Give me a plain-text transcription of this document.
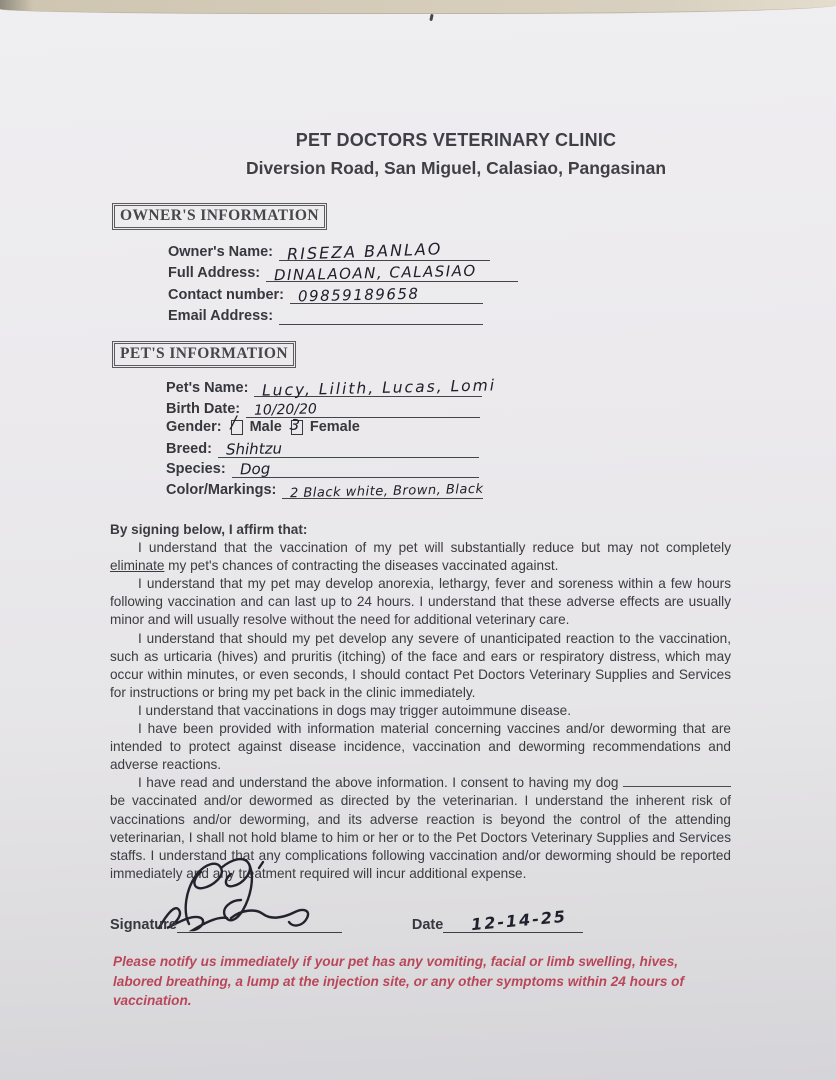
PET DOCTORS VETERINARY CLINIC
Diversion Road, San Miguel, Calasiao, Pangasinan
OWNER'S INFORMATION
Owner's Name: RISEZA BANLAO
Full Address: DINALAOAN, CALASIAO
Contact number: 09859189658
Email Address:
PET'S INFORMATION
Pet's Name: Lucy, Lilith, Lucas, Lomi
Birth Date: 10/20/20
Gender: / Male 3 Female
Breed: Shihtzu
Species: Dog
Color/Markings: 2 Black white, Brown, Black

By signing below, I affirm that:

I understand that the vaccination of my pet will substantially reduce but may not completely eliminate my pet's chances of contracting the diseases vaccinated against.

I understand that my pet may develop anorexia, lethargy, fever and soreness within a few hours following vaccination and can last up to 24 hours. I understand that these adverse effects are usually minor and will usually resolve without the need for additional veterinary care.

I understand that should my pet develop any severe of unanticipated reaction to the vaccination, such as urticaria (hives) and pruritis (itching) of the face and ears or respiratory distress, which may occur within minutes, or even seconds, I should contact Pet Doctors Veterinary Supplies and Services for instructions or bring my pet back in the clinic immediately.

I understand that vaccinations in dogs may trigger autoimmune disease.

I have been provided with information material concerning vaccines and/or deworming that are intended to protect against disease incidence, vaccination and deworming recommendations and adverse reactions.

I have read and understand the above information. I consent to having my dog  be vaccinated and/or dewormed as directed by the veterinarian. I understand the inherent risk of vaccinations and/or deworming, and its adverse reaction is beyond the control of the attending veterinarian, I shall not hold blame to him or her or to the Pet Doctors Veterinary Supplies and Services staffs. I understand that any complications following vaccination and/or deworming should be reported immediately and any treatment required will incur additional expense.

Signature	Date 12-14-25
Please notify us immediately if your pet has any vomiting, facial or limb swelling, hives, labored breathing, a lump at the injection site, or any other symptoms within 24 hours of vaccination.
